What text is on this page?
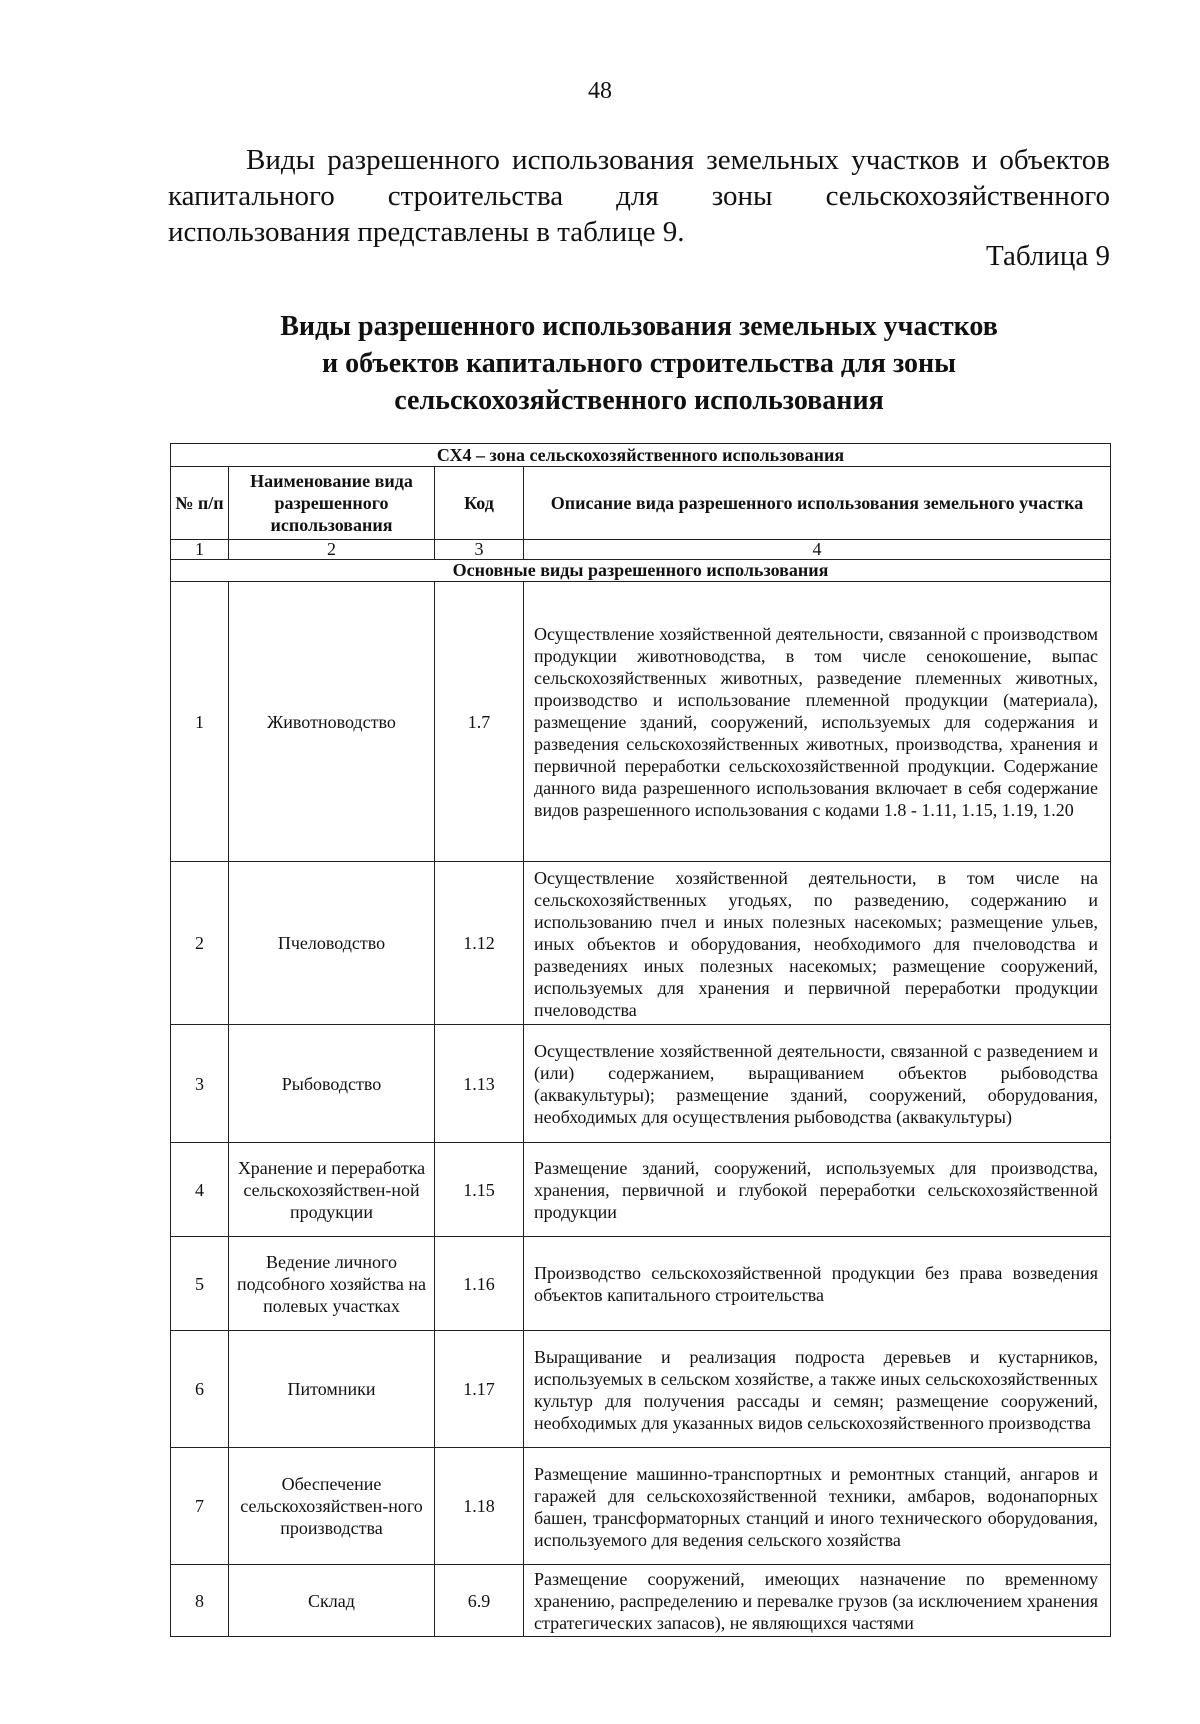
48

Виды разрешенного использования земельных участков и объектов капитального строительства для зоны сельскохозяйственного использования представлены в таблице 9.

Таблица 9
Виды разрешенного использования земельных участков
и объектов капитального строительства для зоны
сельскохозяйственного использования
СХ4 – зона сельскохозяйственного использования			
№ п/п	Наименование вида разрешенного использования	Код	Описание вида разрешенного использования земельного участка
1	2	3	4
Основные виды разрешенного использования			
1	Животноводство	1.7	Осуществление хозяйственной деятельности, связанной с производством продукции животноводства, в том числе сенокошение, выпас сельскохозяйственных животных, разведение племенных животных, производство и использование племенной продукции (материала), размещение зданий, сооружений, используемых для содержания и разведения сельскохозяйственных животных, производства, хранения и первичной переработки сельскохозяйственной продукции. Содержание данного вида разрешенного использования включает в себя содержание видов разрешенного использования с кодами 1.8 - 1.11, 1.15, 1.19, 1.20
2	Пчеловодство	1.12	Осуществление хозяйственной деятельности, в том числе на сельскохозяйственных угодьях, по разведению, содержанию и использованию пчел и иных полезных насекомых; размещение ульев, иных объектов и оборудования, необходимого для пчеловодства и разведениях иных полезных насекомых; размещение сооружений, используемых для хранения и первичной переработки продукции пчеловодства
3	Рыбоводство	1.13	Осуществление хозяйственной деятельности, связанной с разведением и (или) содержанием, выращиванием объектов рыбоводства (аквакультуры); размещение зданий, сооружений, оборудования, необходимых для осуществления рыбоводства (аквакультуры)
4	Хранение и переработка сельскохозяйствен-ной продукции	1.15	Размещение зданий, сооружений, используемых для производства, хранения, первичной и глубокой переработки сельскохозяйственной продукции
5	Ведение личного подсобного хозяйства на полевых участках	1.16	Производство сельскохозяйственной продукции без права возведения объектов капитального строительства
6	Питомники	1.17	Выращивание и реализация подроста деревьев и кустарников, используемых в сельском хозяйстве, а также иных сельскохозяйственных культур для получения рассады и семян; размещение сооружений, необходимых для указанных видов сельскохозяйственного производства
7	Обеспечение сельскохозяйствен-ного производства	1.18	Размещение машинно-транспортных и ремонтных станций, ангаров и гаражей для сельскохозяйственной техники, амбаров, водонапорных башен, трансформаторных станций и иного технического оборудования, используемого для ведения сельского хозяйства
8	Склад	6.9	Размещение сооружений, имеющих назначение по временному хранению, распределению и перевалке грузов (за исключением хранения стратегических запасов), не являющихся частями
